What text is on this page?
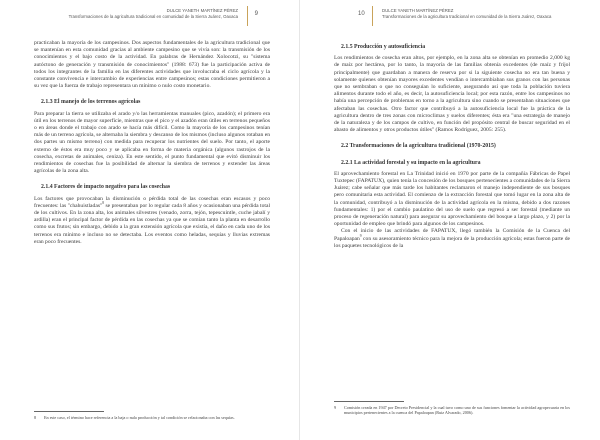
DULCE YANETH MARTÍNEZ PÉREZ
Transformaciones de la agricultura tradicional en comunidad de la Sierra Juárez, Oaxaca	9

practicaban la mayoría de los campesinos. Dos aspectos fundamentales de la agricultura tradicional que se mantenían en esta comunidad gracias al ambiente campesino que se vivía son: la transmisión de los conocimientos y el bajo costo de la actividad. En palabras de Hernández Xolocotzi, su "sistema autóctono de generación y transmisión de conocimientos" (1988: 673) fue la participación activa de todos los integrantes de la familia en las diferentes actividades que involucraba el ciclo agrícola y la constante convivencia e intercambio de experiencias entre campesinos; estas condiciones permitieron a su vez que la fuerza de trabajo representara un mínimo o nulo costo monetario.

2.1.3 El manejo de los terrenos agrícolas

Para preparar la tierra se utilizaba el arado y/o las herramientas manuales (pico, azadón); el primero era útil en los terrenos de mayor superficie, mientras que el pico y el azadón eran útiles en terrenos pequeños o en áreas donde el trabajo con arado se hacía más difícil. Como la mayoría de los campesinos tenían más de un terreno agrícola, se alternaba la siembra y descanso de los mismos (incluso algunos rotaban en dos partes un mismo terreno) con medida para recuperar los nutrientes del suelo. Por tanto, el aporte externo de éstos era muy poco y se aplicaba en forma de materia orgánica (algunos rastrojos de la cosecha, excretas de animales, ceniza). En este sentido, el punto fundamental que evitó disminuir los rendimientos de cosechas fue la posibilidad de alternar la siembra de terrenos y extender las áreas agrícolas de la zona alta.

2.1.4 Factores de impacto negativo para las cosechas

Los factores que provocaban la disminución o pérdida total de las cosechas eran escasos y poco frecuentes: las "chahuistladas"$^8$ se presentaban por lo regular cada 8 años y ocasionaban una pérdida total de los cultivos. En la zona alta, los animales silvestres (venado, zorra, tejón, tepescuintle, cuche jabalí y ardilla) eran el principal factor de pérdida en las cosechas ya que se comían tanto la planta en desarrollo como sus frutos; sin embargo, debido a la gran extensión agrícola que existía, el daño en cada uno de los terrenos era mínimo e incluso no se detectaba. Los eventos como heladas, sequías y lluvias extremas eran poco frecuentes.

8	En este caso, el término hace referencia a la baja o nula producción y tal condición se relacionaba con las sequías.
10
DULCE YANETH MARTÍNEZ PÉREZ
Transformaciones de la agricultura tradicional en comunidad de la Sierra Juárez, Oaxaca
2.1.5 Producción y autosuficiencia

Los rendimientos de cosecha eran altos, por ejemplo, en la zona alta se obtenían en promedio 2,000 kg de maíz por hectárea, por lo tanto, la mayoría de las familias obtenía excedentes (de maíz y frijol principalmente) que guardaban a manera de reserva por si la siguiente cosecha no era tan buena y solamente quienes obtenían mayores excedentes vendían o intercambiaban sus granos con las personas que no sembraban o que no conseguían lo suficiente, asegurando así que toda la población tuviera alimentos durante todo el año, es decir, la autosuficiencia local; por esta razón, entre los campesinos no había una percepción de problemas en torno a la agricultura sino cuando se presentaban situaciones que afectaban las cosechas. Otro factor que contribuyó a la autosuficiencia local fue la práctica de la agricultura dentro de tres zonas con microclimas y suelos diferentes; ésta era "una estrategia de manejo de la naturaleza y de los campos de cultivo, en función del propósito central de buscar seguridad en el abasto de alimentos y otros productos útiles" (Ramos Rodríguez, 2005: 255).

2.2 Transformaciones de la agricultura tradicional (1970-2015)
2.2.1 La actividad forestal y su impacto en la agricultura

El aprovechamiento forestal en La Trinidad inició en 1970 por parte de la compañía Fábricas de Papel Tuxtepec (FAPATUX), quien tenía la concesión de los bosques pertenecientes a comunidades de la Sierra Juárez; cabe señalar que más tarde los habitantes reclamaron el manejo independiente de sus bosques pero comunitaria esta actividad. El comienzo de la extracción forestal que tomó lugar en la zona alta de la comunidad, contribuyó a la disminución de la actividad agrícola en la misma, debido a dos razones fundamentales: 1) por el cambio paulatino del uso de suelo que regresó a ser forestal (mediante un proceso de regeneración natural) para asegurar su aprovechamiento del bosque a largo plazo, y 2) por la oportunidad de empleo que brindó para algunos de los campesinos.

Con el inicio de las actividades de FAPATUX, llegó también la Comisión de la Cuenca del Papaloapan$^9$ con su asesoramiento técnico para la mejora de la producción agrícola; estas fueron parte de los paquetes tecnológicos de la

9	Comisión creada en 1947 por Decreto Presidencial y la cual tuvo como uno de sus funciones fomentar la actividad agropecuaria en los municipios pertenecientes a la cuenca del Papaloapan (Ruiz Alvarado, 2006).
